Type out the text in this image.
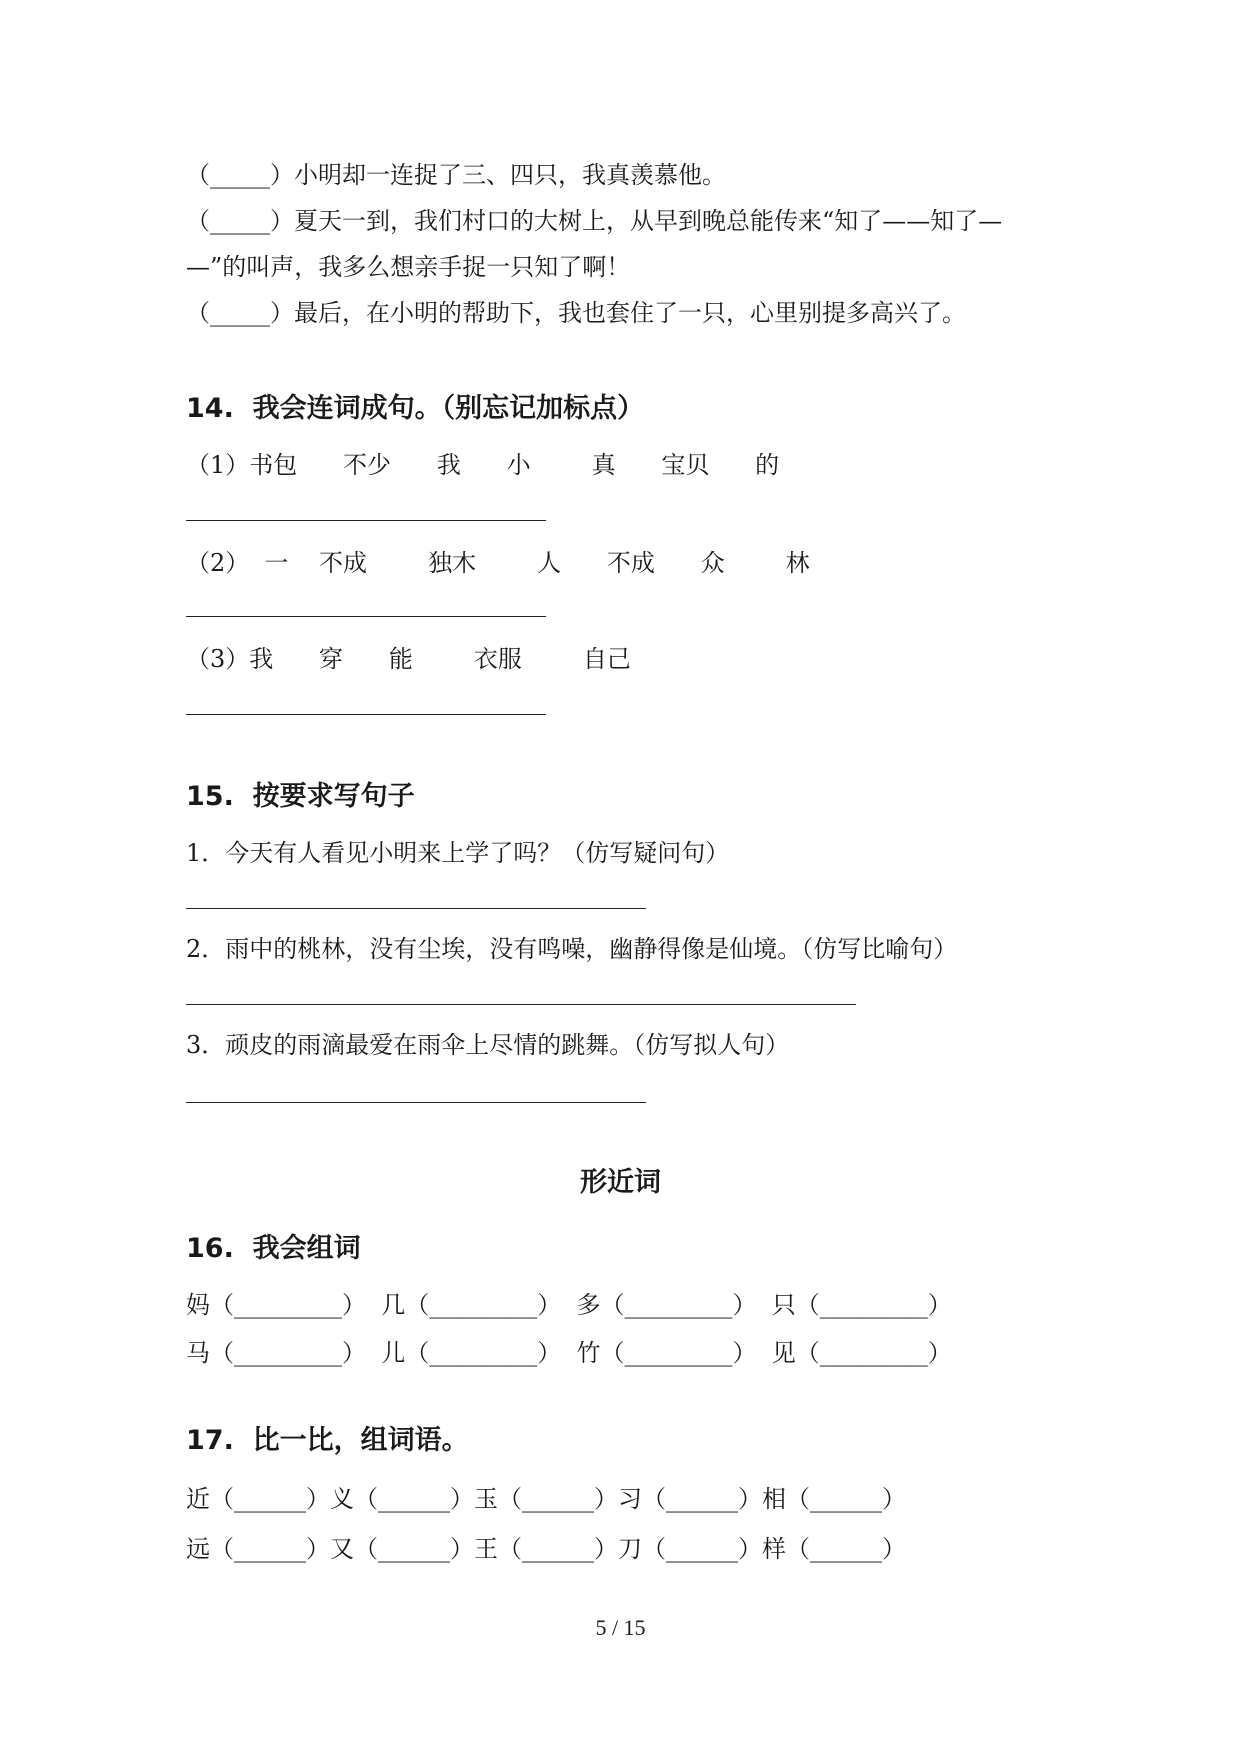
（_____）小明却一连捉了三、四只，我真羡慕他。
（_____）夏天一到，我们村口的大树上，从早到晚总能传来“知了——知了—
—”的叫声，我多么想亲手捉一只知了啊！
（_____）最后，在小明的帮助下，我也套住了一只，心里别提多高兴了。
14.  我会连词成句。（别忘记加标点）
（1）书包      不少      我      小        真      宝贝      的
（2）  一    不成        独木        人      不成      众        林
（3）我      穿      能        衣服        自己
15.  按要求写句子
1．今天有人看见小明来上学了吗？（仿写疑问句）
2．雨中的桃林，没有尘埃，没有鸣噪，幽静得像是仙境。（仿写比喻句）
3．顽皮的雨滴最爱在雨伞上尽情的跳舞。（仿写拟人句）
形近词
16.  我会组词
妈（_________）  几（_________）  多（_________）  只（_________）
马（_________）  儿（_________）  竹（_________）  见（_________）
17.  比一比，组词语。
近（______）义（______）玉（______）习（______）相（______）
远（______）又（______）王（______）刀（______）样（______）
5 / 15
